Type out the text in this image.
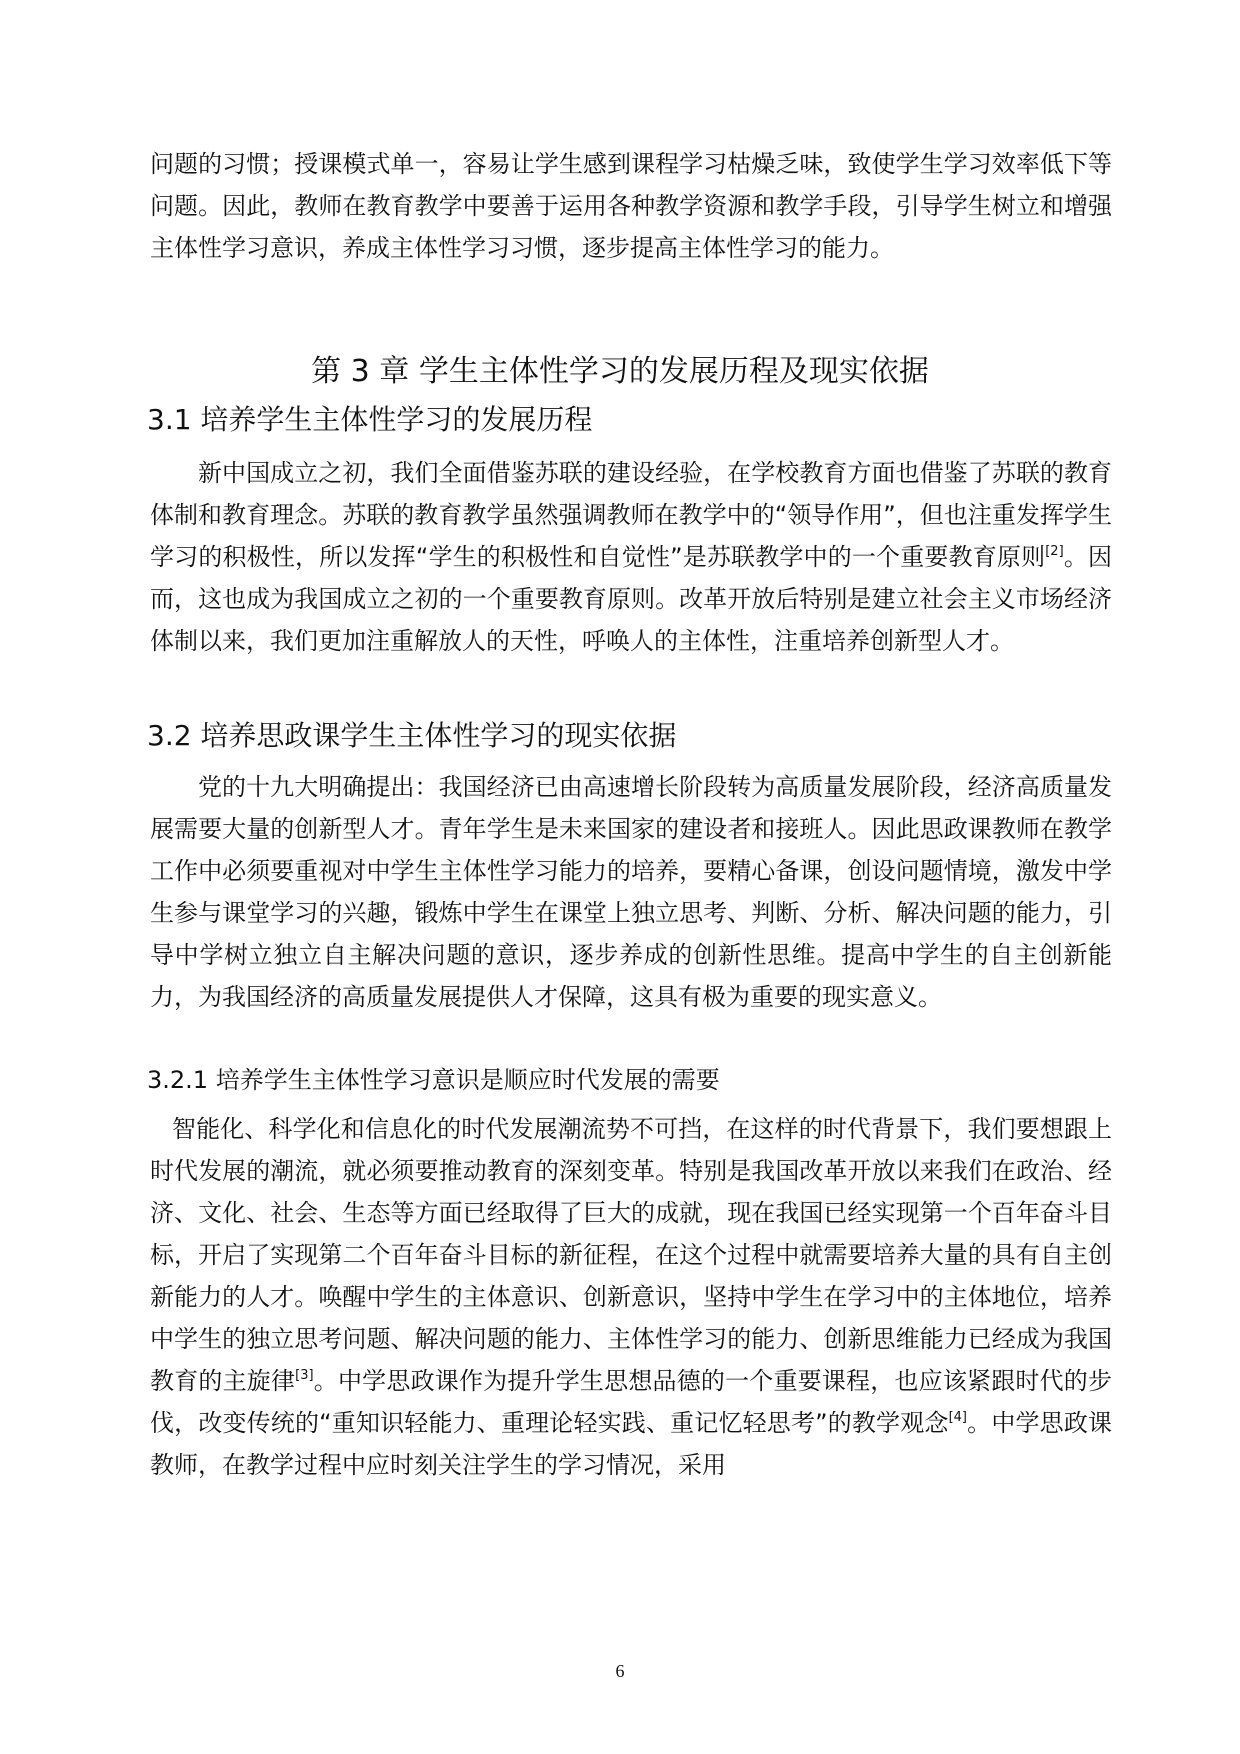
问题的习惯；授课模式单一，容易让学生感到课程学习枯燥乏味，致使学生学习效率低下等问题。因此，教师在教育教学中要善于运用各种教学资源和教学手段，引导学生树立和增强主体性学习意识，养成主体性学习习惯，逐步提高主体性学习的能力。

第 3 章 学生主体性学习的发展历程及现实依据
3.1 培养学生主体性学习的发展历程

新中国成立之初，我们全面借鉴苏联的建设经验，在学校教育方面也借鉴了苏联的教育体制和教育理念。苏联的教育教学虽然强调教师在教学中的“领导作用”，但也注重发挥学生学习的积极性，所以发挥“学生的积极性和自觉性”是苏联教学中的一个重要教育原则[2]。因而，这也成为我国成立之初的一个重要教育原则。改革开放后特别是建立社会主义市场经济体制以来，我们更加注重解放人的天性，呼唤人的主体性，注重培养创新型人才。

3.2 培养思政课学生主体性学习的现实依据

党的十九大明确提出：我国经济已由高速增长阶段转为高质量发展阶段，经济高质量发展需要大量的创新型人才。青年学生是未来国家的建设者和接班人。因此思政课教师在教学工作中必须要重视对中学生主体性学习能力的培养，要精心备课，创设问题情境，激发中学生参与课堂学习的兴趣，锻炼中学生在课堂上独立思考、判断、分析、解决问题的能力，引导中学树立独立自主解决问题的意识，逐步养成的创新性思维。提高中学生的自主创新能力，为我国经济的高质量发展提供人才保障，这具有极为重要的现实意义。

3.2.1 培养学生主体性学习意识是顺应时代发展的需要

智能化、科学化和信息化的时代发展潮流势不可挡，在这样的时代背景下，我们要想跟上时代发展的潮流，就必须要推动教育的深刻变革。特别是我国改革开放以来我们在政治、经济、文化、社会、生态等方面已经取得了巨大的成就，现在我国已经实现第一个百年奋斗目标，开启了实现第二个百年奋斗目标的新征程，在这个过程中就需要培养大量的具有自主创新能力的人才。唤醒中学生的主体意识、创新意识，坚持中学生在学习中的主体地位，培养中学生的独立思考问题、解决问题的能力、主体性学习的能力、创新思维能力已经成为我国教育的主旋律[3]。中学思政课作为提升学生思想品德的一个重要课程，也应该紧跟时代的步伐，改变传统的“重知识轻能力、重理论轻实践、重记忆轻思考”的教学观念[4]。中学思政课教师，在教学过程中应时刻关注学生的学习情况，采用

6
